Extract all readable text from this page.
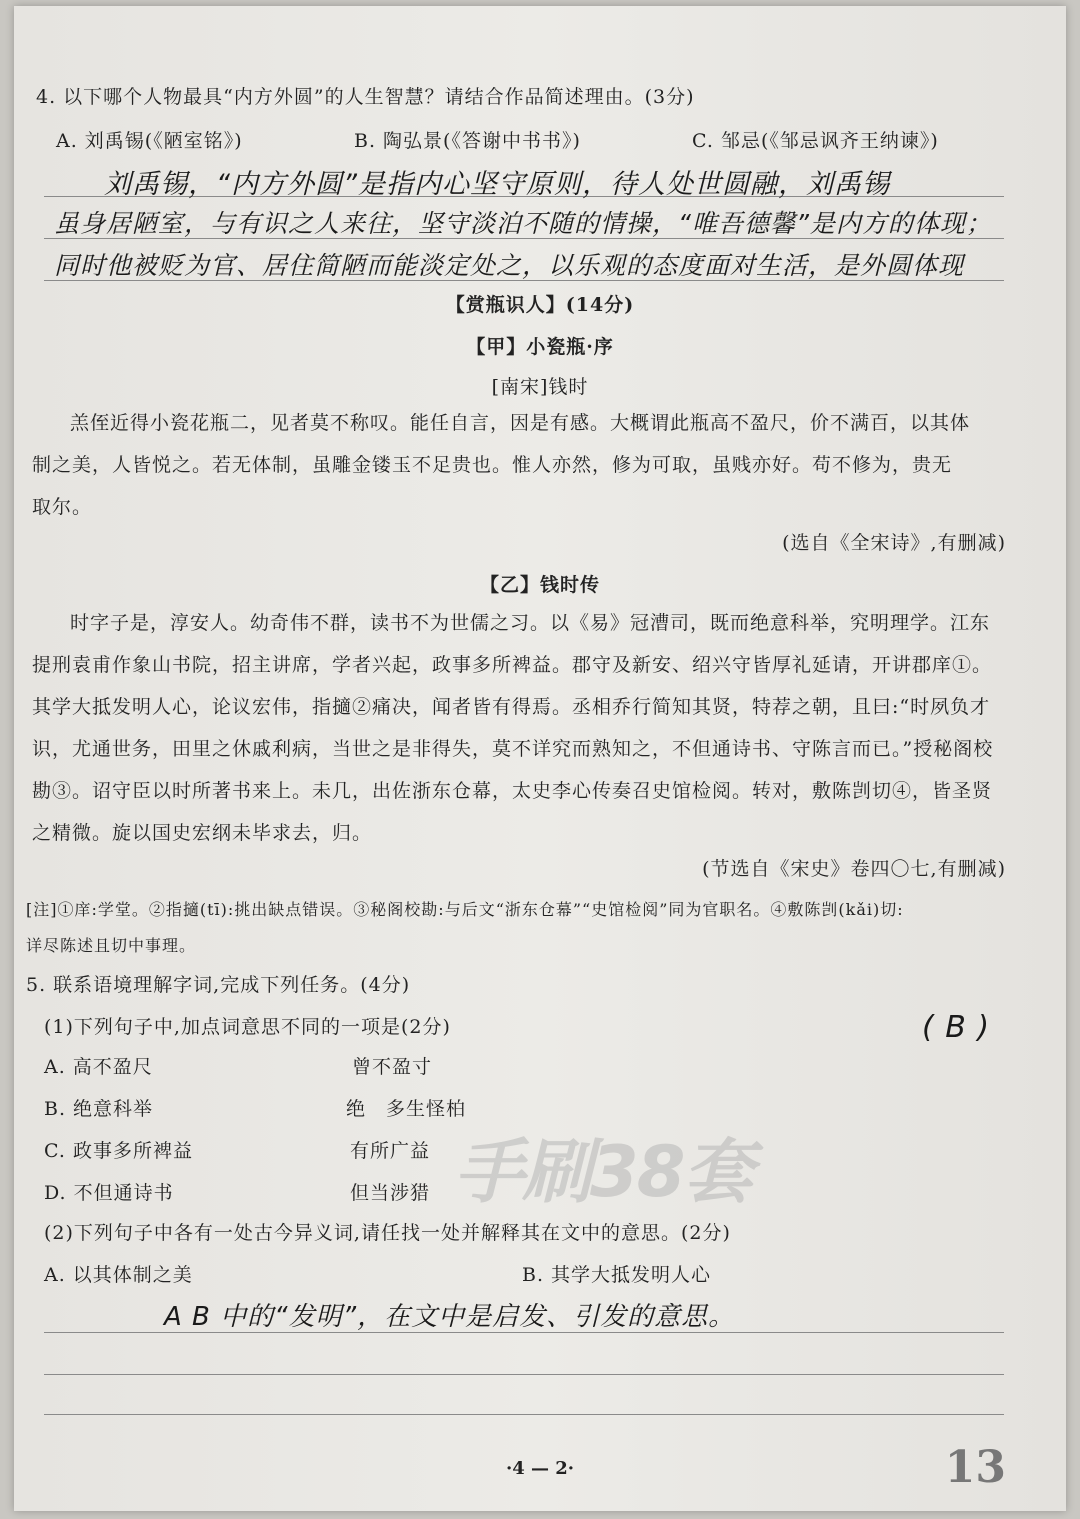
4. 以下哪个人物最具“内方外圆”的人生智慧？请结合作品简述理由。(3分)
A. 刘禹锡(《陋室铭》)	B. 陶弘景(《答谢中书书》)	C. 邹忌(《邹忌讽齐王纳谏》)
刘禹锡，“内方外圆”是指内心坚守原则，待人处世圆融，刘禹锡
虽身居陋室，与有识之人来往，坚守淡泊不随的情操，“唯吾德馨”是内方的体现；
同时他被贬为官、居住简陋而能淡定处之，以乐观的态度面对生活，是外圆体现
【赏瓶识人】(14分)
【甲】小瓷瓶·序
[南宋]钱时
羔侄近得小瓷花瓶二，见者莫不称叹。能任自言，因是有感。大概谓此瓶高不盈尺，价不满百，以其体
制之美，人皆悦之。若无体制，虽雕金镂玉不足贵也。惟人亦然，修为可取，虽贱亦好。苟不修为，贵无
取尔。
(选自《全宋诗》,有删减)
【乙】钱时传
时字子是，淳安人。幼奇伟不群，读书不为世儒之习。以《易》冠漕司，既而绝意科举，究明理学。江东
提刑袁甫作象山书院，招主讲席，学者兴起，政事多所裨益。郡守及新安、绍兴守皆厚礼延请，开讲郡庠①。
其学大抵发明人心，论议宏伟，指擿②痛决，闻者皆有得焉。丞相乔行简知其贤，特荐之朝，且曰:“时夙负才
识，尤通世务，田里之休戚利病，当世之是非得失，莫不详究而熟知之，不但通诗书、守陈言而已。”授秘阁校
勘③。诏守臣以时所著书来上。未几，出佐浙东仓幕，太史李心传奏召史馆检阅。转对，敷陈剀切④，皆圣贤
之精微。旋以国史宏纲未毕求去，归。
(节选自《宋史》卷四〇七,有删减)
[注]①庠:学堂。②指擿(tī):挑出缺点错误。③秘阁校勘:与后文“浙东仓幕”“史馆检阅”同为官职名。④敷陈剀(kǎi)切:
详尽陈述且切中事理。
5. 联系语境理解字词,完成下列任务。(4分)
(1)下列句子中,加点词意思不同的一项是(2分)	( B )
A. 高不盈尺	曾不盈寸
B. 绝意科举	绝　多生怪柏
C. 政事多所裨益	有所广益
D. 不但通诗书	但当涉猎 手刷38套
(2)下列句子中各有一处古今异义词,请任找一处并解释其在文中的意思。(2分)
A. 以其体制之美	B. 其学大抵发明人心
A B 中的“发明”，在文中是启发、引发的意思。
·4 — 2·	13
